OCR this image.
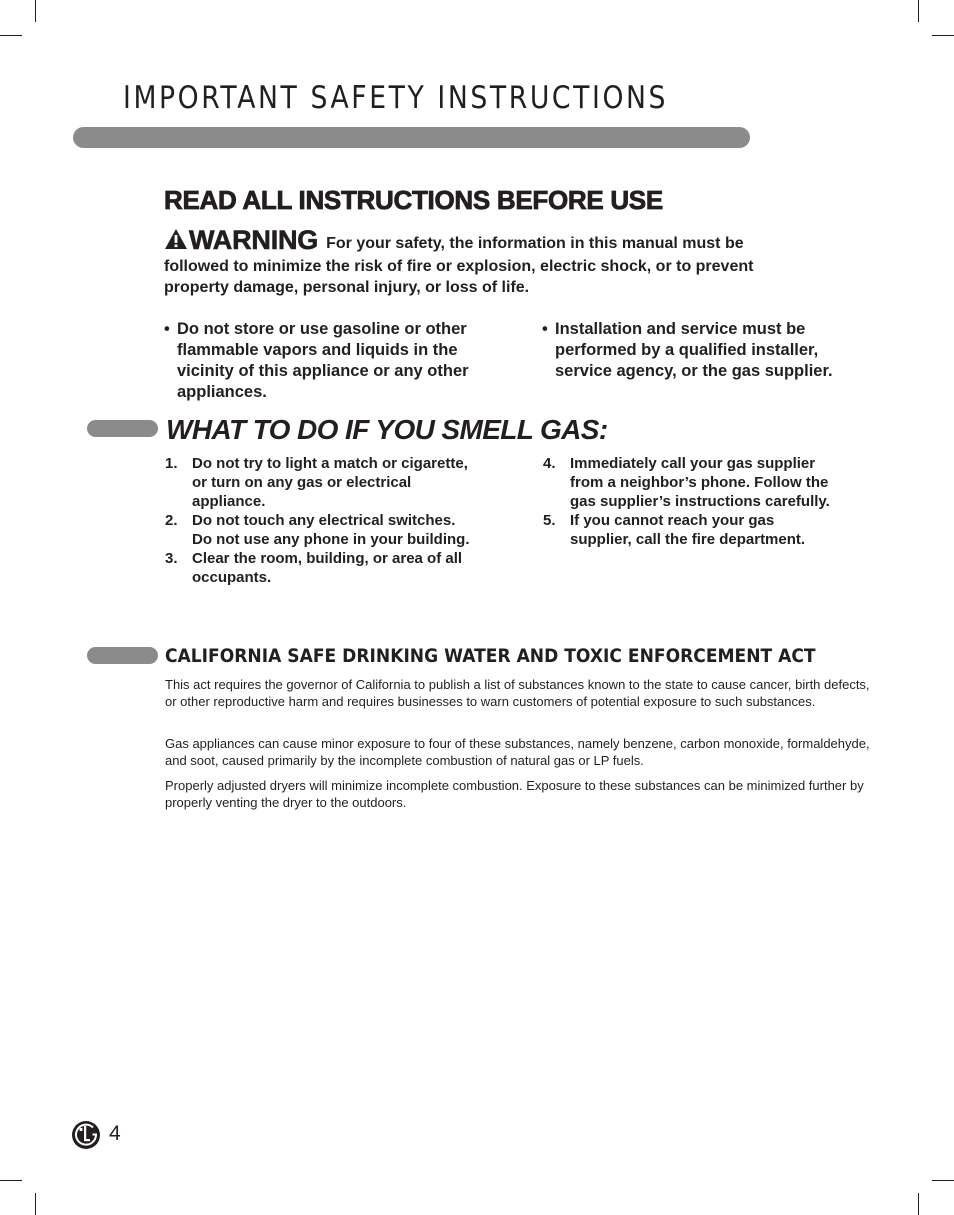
IMPORTANT SAFETY INSTRUCTIONS
READ ALL INSTRUCTIONS BEFORE USE
WARNING For your safety, the information in this manual must be
followed to minimize the risk of fire or explosion, electric shock, or to prevent
property damage, personal injury, or loss of life.
• Do not store or use gasoline or other
flammable vapors and liquids in the
vicinity of this appliance or any other
appliances.
• Installation and service must be
performed by a qualified installer,
service agency, or the gas supplier.
WHAT TO DO IF YOU SMELL GAS:
1. Do not try to light a match or cigarette,
or turn on any gas or electrical
appliance.
2. Do not touch any electrical switches.
Do not use any phone in your building.
3. Clear the room, building, or area of all
occupants.
4. Immediately call your gas supplier
from a neighbor’s phone. Follow the
gas supplier’s instructions carefully.
5. If you cannot reach your gas
supplier, call the fire department.
CALIFORNIA SAFE DRINKING WATER AND TOXIC ENFORCEMENT ACT

This act requires the governor of California to publish a list of substances known to the state to cause cancer, birth defects, or other reproductive harm and requires businesses to warn customers of potential exposure to such substances.

Gas appliances can cause minor exposure to four of these substances, namely benzene, carbon monoxide, formaldehyde, and soot, caused primarily by the incomplete combustion of natural gas or LP fuels.

Properly adjusted dryers will minimize incomplete combustion. Exposure to these substances can be minimized further by properly venting the dryer to the outdoors.

4
